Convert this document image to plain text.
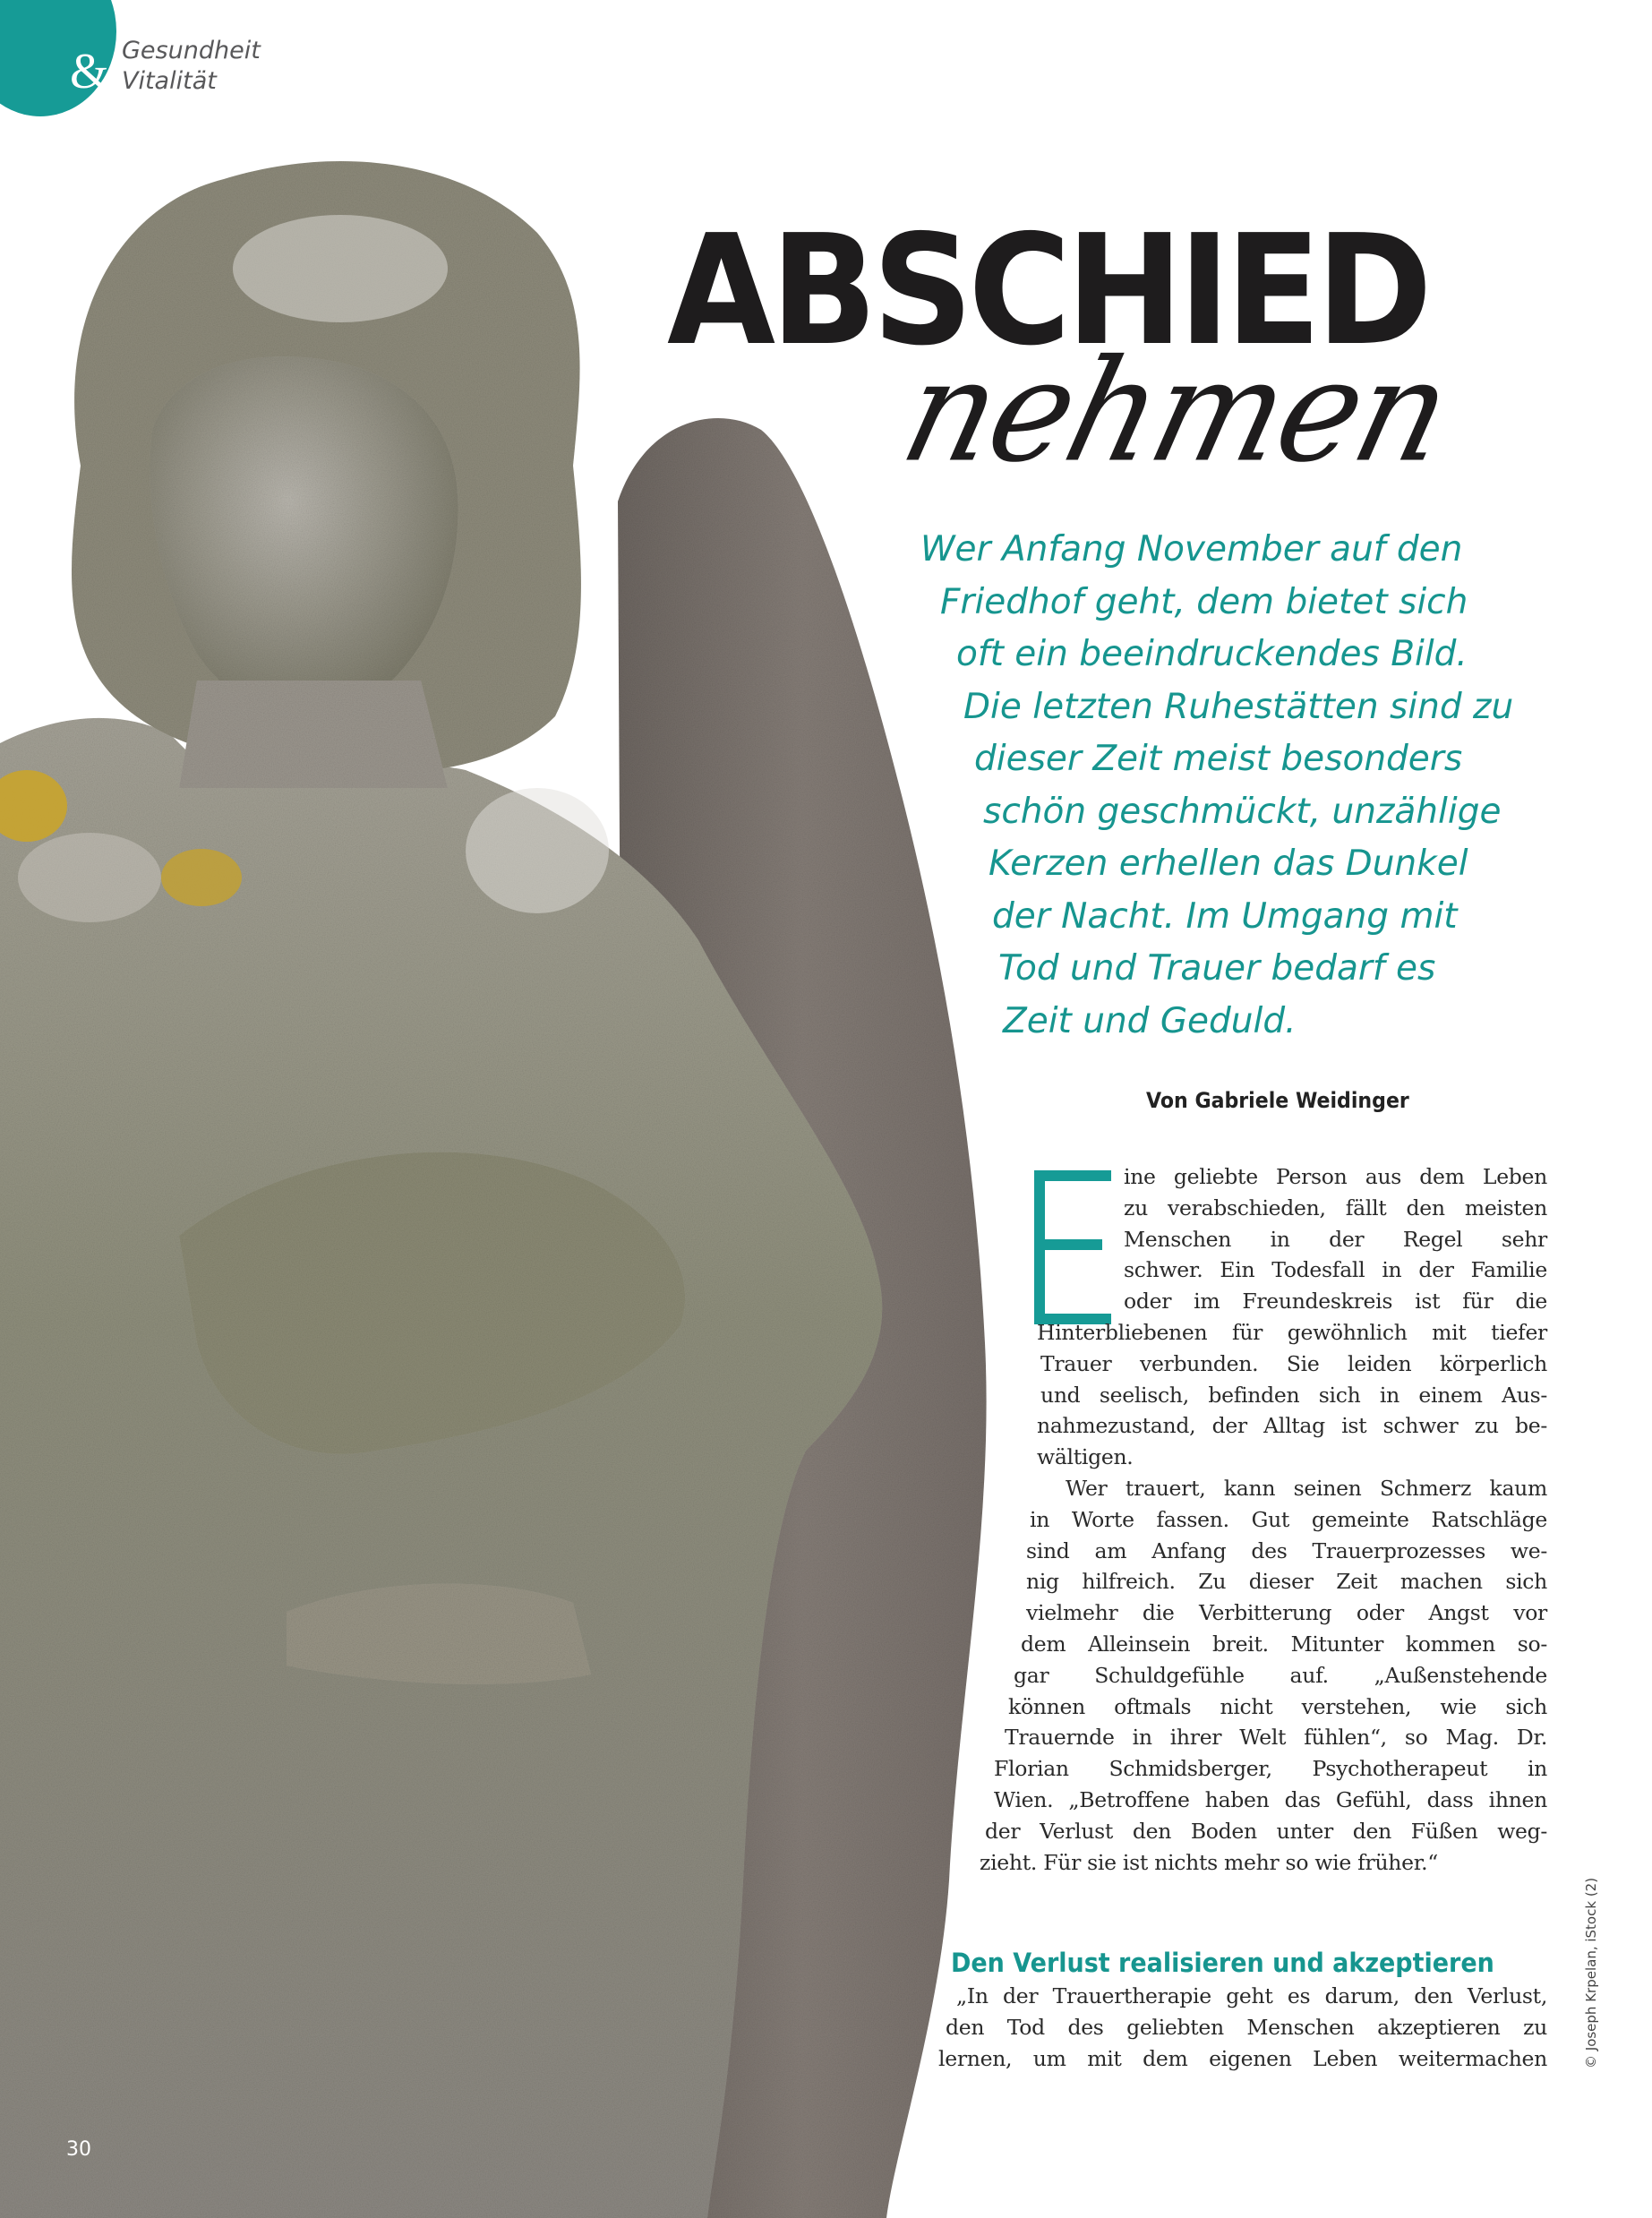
& Gesundheit
Vitalität
ABSCHIED
nehmen
Wer Anfang November auf den
Friedhof geht, dem bietet sich
oft ein beeindruckendes Bild.
Die letzten Ruhestätten sind zu
dieser Zeit meist besonders
schön geschmückt, unzählige
Kerzen erhellen das Dunkel
der Nacht. Im Umgang mit
Tod und Trauer bedarf es
Zeit und Geduld.
Von Gabriele Weidinger
ine geliebte Person aus dem Leben
zu verabschieden, fällt den meisten
Menschen in der Regel sehr
schwer. Ein Todesfall in der Familie
oder im Freundeskreis ist für die
Hinterbliebenen für gewöhnlich mit tiefer
Trauer verbunden. Sie leiden körperlich
und seelisch, befinden sich in einem Aus-
nahmezustand, der Alltag ist schwer zu be-
wältigen.
Wer trauert, kann seinen Schmerz kaum
in Worte fassen. Gut gemeinte Ratschläge
sind am Anfang des Trauerprozesses we-
nig hilfreich. Zu dieser Zeit machen sich
vielmehr die Verbitterung oder Angst vor
dem Alleinsein breit. Mitunter kommen so-
gar Schuldgefühle auf. „Außenstehende
können oftmals nicht verstehen, wie sich
Trauernde in ihrer Welt fühlen“, so Mag. Dr.
Florian Schmidsberger, Psychotherapeut in
Wien. „Betroffene haben das Gefühl, dass ihnen
der Verlust den Boden unter den Füßen weg-
zieht. Für sie ist nichts mehr so wie früher.“
Den Verlust realisieren und akzeptieren
„In der Trauertherapie geht es darum, den Verlust,
den Tod des geliebten Menschen akzeptieren zu
lernen, um mit dem eigenen Leben weitermachen	© Joseph Krpelan, iStock (2)
30
